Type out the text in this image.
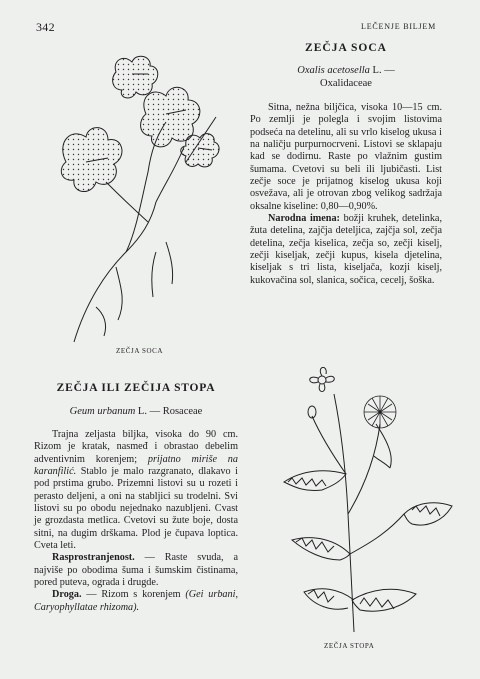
342	LEČENJE BILJEM
ZEČJA SOCA

ZEČJA SOCA

Oxalis acetosella L. —
Oxalidaceae

Sitna, nežna biljčica, visoka 10—15 cm. Po zemlji je polegla i svojim listovima podseća na detelinu, ali su vrlo kiselog ukusa i na naličju purpurnocrveni. Listovi se sklapaju kad se dodirnu. Raste po vlažnim gustim šumama. Cvetovi su beli ili ljubičasti. List zečje soce je prijatnog kiselog ukusa koji osvežava, ali je otrovan zbog velikog sadržaja oksalne kiseline: 0,80—0,90%.

Narodna imena: božji kruhek, detelinka, žuta detelina, zajčja deteljica, zajčja sol, zečja detelina, zečja kiselica, zečja so, zečji kiselj, zečji kiseljak, zečji kupus, kisela djetelina, kiseljak s tri lista, kiseljača, kozji kiselj, kukovačina sol, slanica, sočica, cecelj, šoška.

ZEČJA ILI ZEČIJA STOPA

Geum urbanum L. — Rosaceae

Trajna zeljasta biljka, visoka do 90 cm. Rizom je kratak, nasmeđ i obrastao debelim adventivnim korenjem; prijatno miriše na karanfilić. Stablo je malo razgranato, dlakavo i pod prstima grubo. Prizemni listovi su u rozeti i perasto deljeni, a oni na stabljici su trodelni. Svi listovi su po obodu nejednako nazubljeni. Cvast je grozdasta metlica. Cvetovi su žute boje, dosta sitni, na dugim drškama. Plod je čupava loptica. Cveta leti.

Rasprostranjenost. — Raste svuda, a najviše po obodima šuma i šumskim čistinama, pored puteva, ograda i drugde.

Droga. — Rizom s korenjem (Gei urbani, Caryophyllatae rhizoma).

ZEČJA STOPA
